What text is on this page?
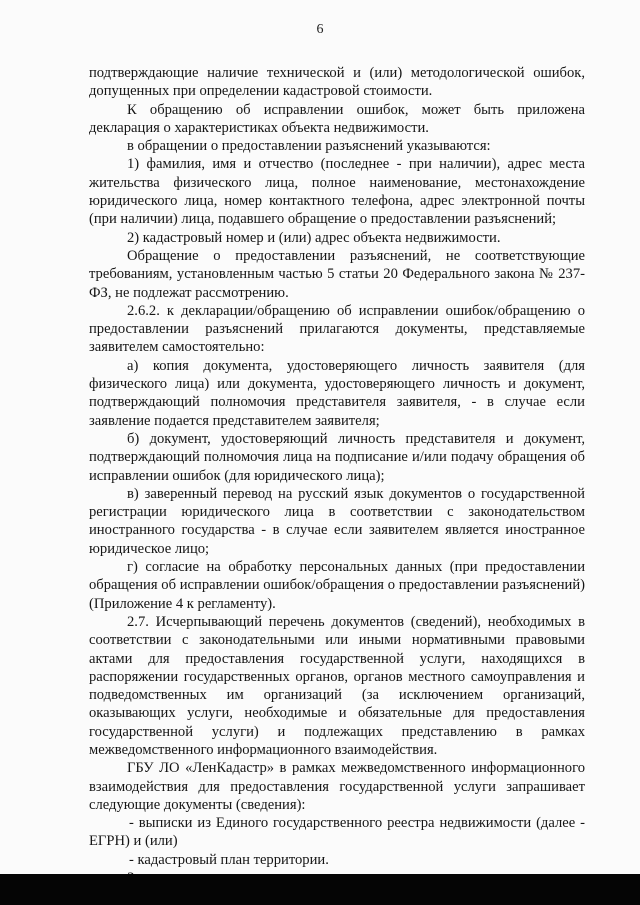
6

подтверждающие наличие технической и (или) методологической ошибок, допущенных при определении кадастровой стоимости.

К обращению об исправлении ошибок, может быть приложена декларация о характеристиках объекта недвижимости.

в обращении о предоставлении разъяснений указываются:

1) фамилия, имя и отчество (последнее - при наличии), адрес места жительства физического лица, полное наименование, местонахождение юридического лица, номер контактного телефона, адрес электронной почты (при наличии) лица, подавшего обращение о предоставлении разъяснений;

2) кадастровый номер и (или) адрес объекта недвижимости.

Обращение о предоставлении разъяснений, не соответствующие требованиям, установленным частью 5 статьи 20 Федерального закона № 237-ФЗ, не подлежат рассмотрению.

2.6.2. к декларации/обращению об исправлении ошибок/обращению о предоставлении разъяснений прилагаются документы, представляемые заявителем самостоятельно:

а) копия документа, удостоверяющего личность заявителя (для физического лица) или документа, удостоверяющего личность и документ, подтверждающий полномочия представителя заявителя, - в случае если заявление подается представителем заявителя;

б) документ, удостоверяющий личность представителя и документ, подтверждающий полномочия лица на подписание и/или подачу обращения об исправлении ошибок (для юридического лица);

в) заверенный перевод на русский язык документов о государственной регистрации юридического лица в соответствии с законодательством иностранного государства - в случае если заявителем является иностранное юридическое лицо;

г) согласие на обработку персональных данных (при предоставлении обращения об исправлении ошибок/обращения о предоставлении разъяснений) (Приложение 4 к регламенту).

2.7. Исчерпывающий перечень документов (сведений), необходимых в соответствии с законодательными или иными нормативными правовыми актами для предоставления государственной услуги, находящихся в распоряжении государственных органов, органов местного самоуправления и подведомственных им организаций (за исключением организаций, оказывающих услуги, необходимые и обязательные для предоставления государственной услуги) и подлежащих представлению в рамках межведомственного информационного взаимодействия.

ГБУ ЛО «ЛенКадастр» в рамках межведомственного информационного взаимодействия для предоставления государственной услуги запрашивает следующие документы (сведения):

- выписки из Единого государственного реестра недвижимости (далее - ЕГРН) и (или)

- кадастровый план территории.
